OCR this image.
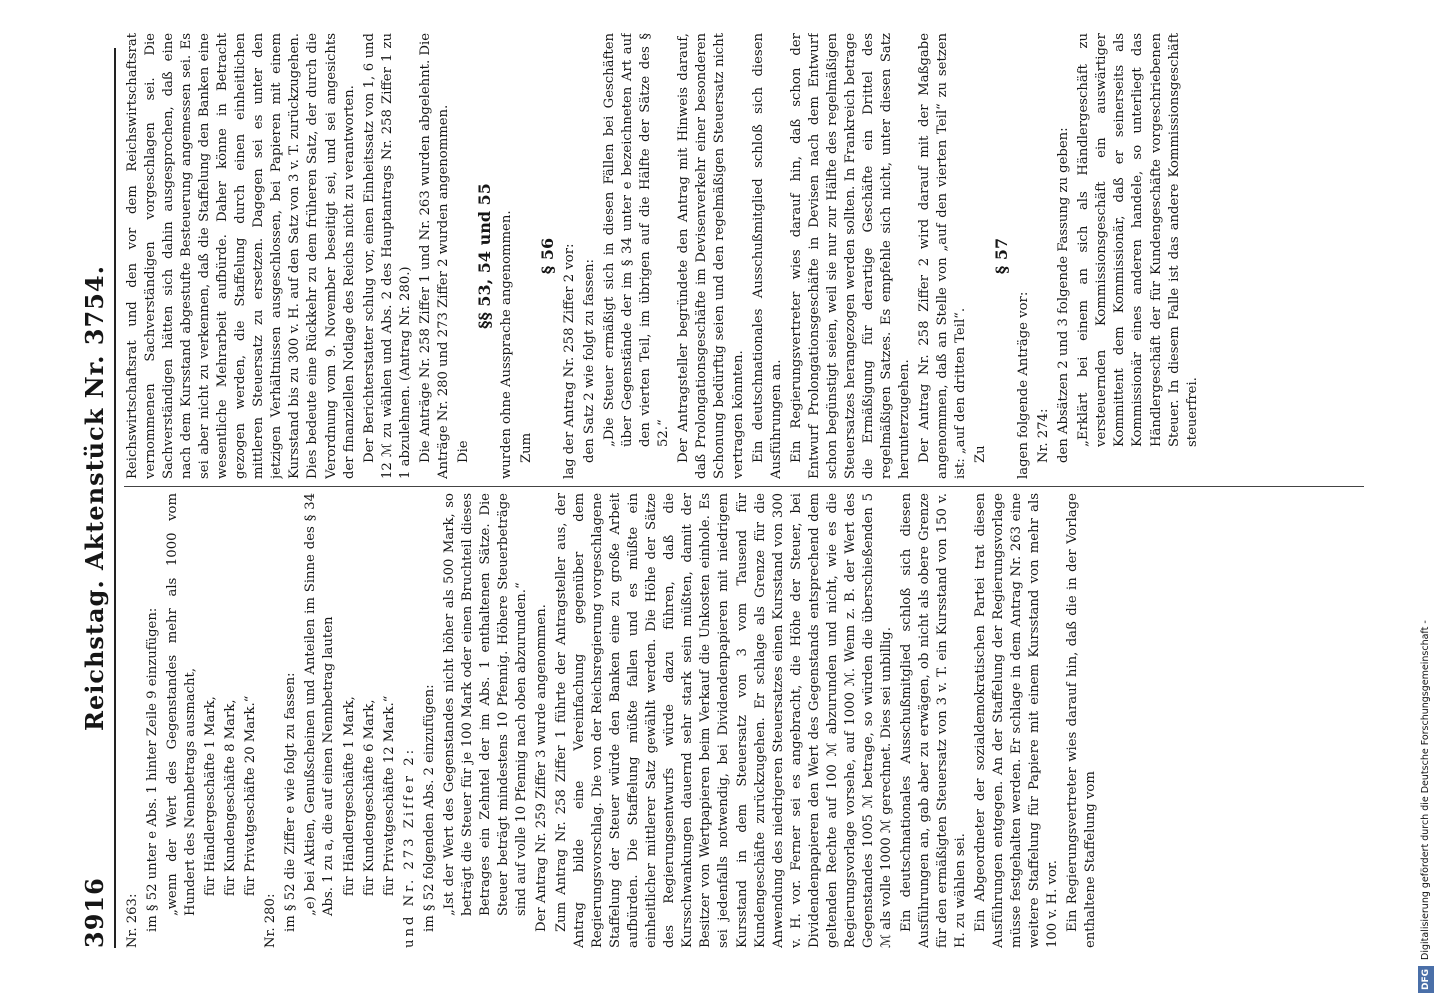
3916
Reichstag. Aktenstück Nr. 3754.

Nr. 263: im § 52 unter e Abs. 1 hinter Zeile 9 einzufügen: „wenn der Wert des Gegenstandes mehr als 1000 vom Hundert des Nennbetrags ausmacht, für Händlergeschäfte 1 Mark, für Kundengeschäfte 8 Mark, für Privatgeschäfte 20 Mark.“

Nr. 280: im § 52 die Ziffer e wie folgt zu fassen: „e) bei Aktien, Genußscheinen und Anteilen im Sinne des § 34 Abs. 1 zu a, die auf einen Nennbetrag lauten für Händlergeschäfte 1 Mark, für Kundengeschäfte 6 Mark, für Privatgeschäfte 12 Mark.“ und Nr. 273 Ziffer 2: im § 52 folgenden Abs. 2 einzufügen: „Ist der Wert des Gegenstandes nicht höher als 500 Mark, so beträgt die Steuer für je 100 Mark oder einen Bruchteil dieses Betrages ein Zehntel der im Abs. 1 enthaltenen Sätze. Die Steuer beträgt mindestens 10 Pfennig. Höhere Steuerbeträge sind auf volle 10 Pfennig nach oben abzurunden.“ Der Antrag Nr. 259 Ziffer 3 wurde angenommen. Zum Antrag Nr. 258 Ziffer 1 führte der Antragsteller aus, der Antrag bilde eine Vereinfachung gegenüber dem Regierungsvorschlag. Die von der Reichsregierung vorgeschlagene Staffelung der Steuer würde den Banken eine zu große Arbeit aufbürden. Die Staffelung müßte fallen und es müßte ein einheitlicher mittlerer Satz gewählt werden. Die Höhe der Sätze des Regierungsentwurfs würde dazu führen, daß die Kursschwankungen dauernd sehr stark sein müßten, damit der Besitzer von Wertpapieren beim Verkauf die Unkosten einhole. Es sei jedenfalls notwendig, bei Dividendenpapieren mit niedrigem Kursstand in dem Steuersatz von 3 vom Tausend für Kundengeschäfte zurückzugehen. Er schlage als Grenze für die Anwendung des niedrigeren Steuersatzes einen Kursstand von 300 v. H. vor. Ferner sei es angebracht, die Höhe der Steuer, bei Dividendenpapieren den Wert des Gegenstands entsprechend dem geltenden Rechte auf 100 ℳ abzurunden und nicht, wie es die Regierungsvorlage vorsehe, auf 1000 ℳ. Wenn z. B. der Wert des Gegenstandes 1005 ℳ betrage, so würden die überschießenden 5 ℳ als volle 1000 ℳ gerechnet. Dies sei unbillig. Ein deutschnationales Ausschußmitglied schloß sich diesen Ausführungen an, gab aber zu erwägen, ob nicht als obere Grenze für den ermäßigten Steuersatz von 3 v. T. ein Kursstand von 150 v. H. zu wählen sei. Ein Abgeordneter der sozialdemokratischen Partei trat diesen Ausführungen entgegen. An der Staffelung der Regierungsvorlage müsse festgehalten werden. Er schlage in dem Antrag Nr. 263 eine weitere Staffelung für Papiere mit einem Kursstand von mehr als 100 v. H. vor. Ein Regierungsvertreter wies darauf hin, daß die in der Vorlage enthaltene Staffelung vom

Reichswirtschaftsrat und den vor dem Reichswirtschaftsrat vernommenen Sachverständigen vorgeschlagen sei. Die Sachverständigen hätten sich dahin ausgesprochen, daß eine nach dem Kursstand abgestufte Besteuerung angemessen sei. Es sei aber nicht zu verkennen, daß die Staffelung den Banken eine wesentliche Mehrarbeit aufbürde. Daher könne in Betracht gezogen werden, die Staffelung durch einen einheitlichen mittleren Steuersatz zu ersetzen. Dagegen sei es unter den jetzigen Verhältnissen ausgeschlossen, bei Papieren mit einem Kursstand bis zu 300 v. H. auf den Satz von 3 v. T. zurückzugehen. Dies bedeute eine Rückkehr zu dem früheren Satz, der durch die Verordnung vom 9. November beseitigt sei, und sei angesichts der finanziellen Notlage des Reichs nicht zu verantworten. Der Berichterstatter schlug vor, einen Einheitssatz von 1, 6 und 12 ℳ zu wählen und Abs. 2 des Hauptantrags Nr. 258 Ziffer 1 zu 1 abzulehnen. (Antrag Nr. 280.) Die Anträge Nr. 258 Ziffer 1 und Nr. 263 wurden abgelehnt. Die Anträge Nr. 280 und 273 Ziffer 2 wurden angenommen. Die

§§ 53, 54 und 55 wurden ohne Aussprache angenommen. Zum

§ 56 lag der Antrag Nr. 258 Ziffer 2 vor: den Satz 2 wie folgt zu fassen: „Die Steuer ermäßigt sich in diesen Fällen bei Geschäften über Gegenstände der im § 34 unter e bezeichneten Art auf den vierten Teil, im übrigen auf die Hälfte der Sätze des § 52.“ Der Antragsteller begründete den Antrag mit Hinweis darauf, daß Prolongationsgeschäfte im Devisenverkehr einer besonderen Schonung bedürftig seien und den regelmäßigen Steuersatz nicht vertragen könnten. Ein deutschnationales Ausschußmitglied schloß sich diesen Ausführungen an. Ein Regierungsvertreter wies darauf hin, daß schon der Entwurf Prolongationsgeschäfte in Devisen nach dem Entwurf schon begünstigt seien, weil sie nur zur Hälfte des regelmäßigen Steuersatzes herangezogen werden sollten. In Frankreich betrage die Ermäßigung für derartige Geschäfte ein Drittel des regelmäßigen Satzes. Es empfehle sich nicht, unter diesen Satz herunterzugehen. Der Antrag Nr. 258 Ziffer 2 wird darauf mit der Maßgabe angenommen, daß an Stelle von „auf den vierten Teil“ zu setzen ist: „auf den dritten Teil“. Zu

§ 57

lagen folgende Anträge vor: Nr. 274: den Absätzen 2 und 3 folgende Fassung zu geben: „Erklärt bei einem an sich als Händlergeschäft zu versteuernden Kommissionsgeschäft ein auswärtiger Kommittent dem Kommissionär, daß er seinerseits als Kommissionär eines anderen handele, so unterliegt das Händlergeschäft der für Kundengeschäfte vorgeschriebenen Steuer. In diesem Falle ist das andere Kommissionsgeschäft steuerfrei.

DFGDigitalisierung gefördert durch die Deutsche Forschungsgemeinschaft -
